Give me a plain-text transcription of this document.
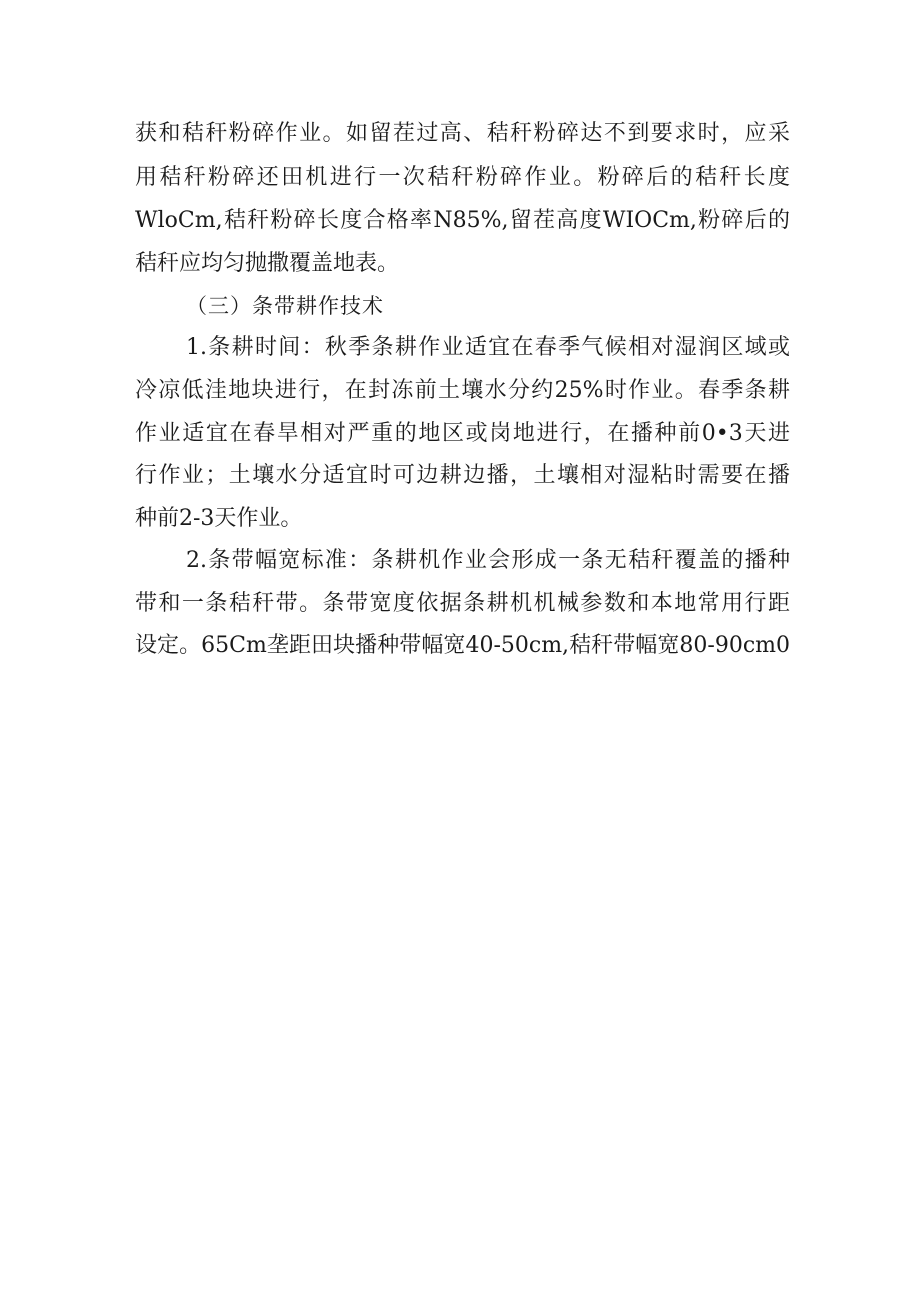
获和秸秆粉碎作业。如留茬过高、秸秆粉碎达不到要求时，应采
用秸秆粉碎还田机进行一次秸秆粉碎作业。粉碎后的秸秆长度
WloCm,秸秆粉碎长度合格率N85%,留茬高度WIOCm,粉碎后的
秸秆应均匀抛撒覆盖地表。
（三）条带耕作技术
1.条耕时间：秋季条耕作业适宜在春季气候相对湿润区域或
冷凉低洼地块进行，在封冻前土壤水分约25%时作业。春季条耕
作业适宜在春旱相对严重的地区或岗地进行，在播种前0•3天进
行作业；土壤水分适宜时可边耕边播，土壤相对湿粘时需要在播
种前2-3天作业。
2.条带幅宽标准：条耕机作业会形成一条无秸秆覆盖的播种
带和一条秸秆带。条带宽度依据条耕机机械参数和本地常用行距
设定。65Cm垄距田块播种带幅宽40-50cm,秸秆带幅宽80-90cm0
